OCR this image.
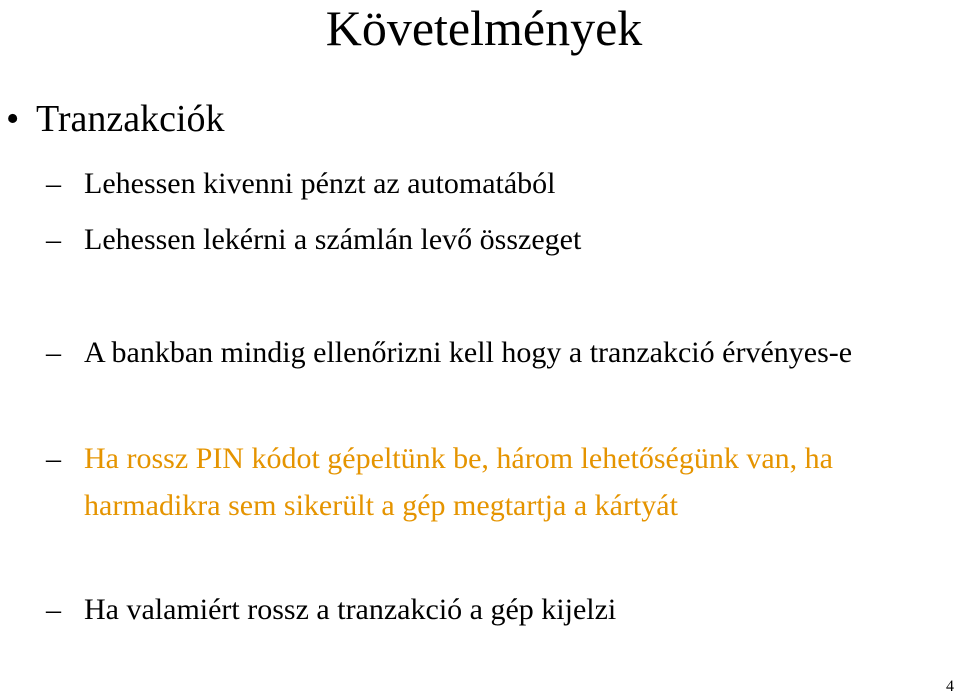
Követelmények
• Tranzakciók
– Lehessen kivenni pénzt az automatából
– Lehessen lekérni a számlán levő összeget
– A bankban mindig ellenőrizni kell hogy a tranzakció érvényes-e
– Ha rossz PIN kódot gépeltünk be, három lehetőségünk van, ha harmadikra sem sikerült a gép megtartja a kártyát
– Ha valamiért rossz a tranzakció a gép kijelzi
4
